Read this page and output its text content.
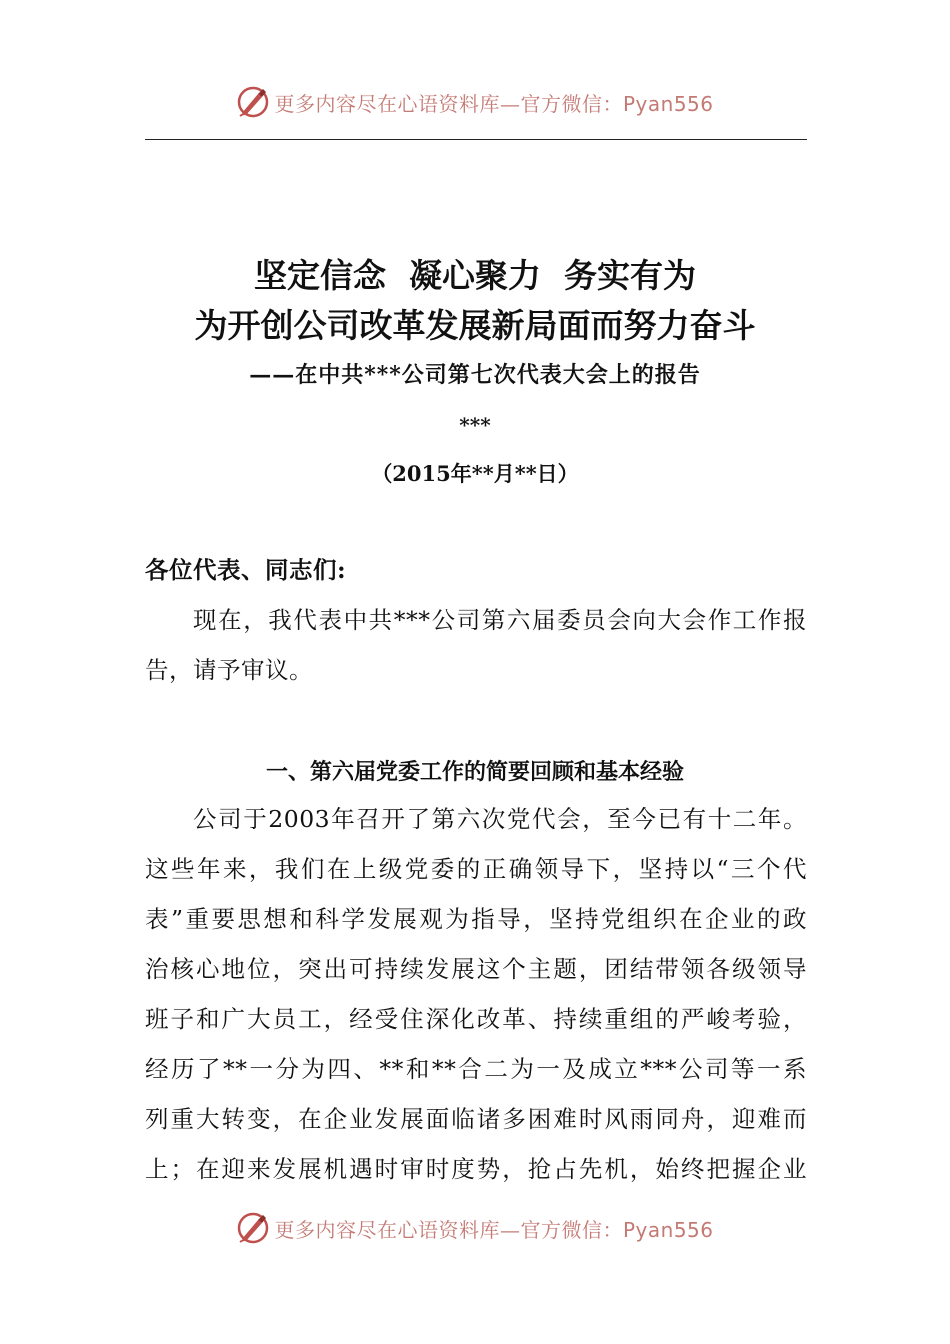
更多内容尽在心语资料库—官方微信：Pyan556
坚定信念  凝心聚力  务实有为
为开创公司改革发展新局面而努力奋斗
——在中共***公司第七次代表大会上的报告
***
（2015年**月**日）
各位代表、同志们:
现在，我代表中共***公司第六届委员会向大会作工作报
告，请予审议。
一、第六届党委工作的简要回顾和基本经验
公司于2003年召开了第六次党代会，至今已有十二年。
这些年来，我们在上级党委的正确领导下，坚持以“三个代
表”重要思想和科学发展观为指导，坚持党组织在企业的政
治核心地位，突出可持续发展这个主题，团结带领各级领导
班子和广大员工，经受住深化改革、持续重组的严峻考验，
经历了**一分为四、**和**合二为一及成立***公司等一系
列重大转变，在企业发展面临诸多困难时风雨同舟，迎难而
上；在迎来发展机遇时审时度势，抢占先机，始终把握企业
更多内容尽在心语资料库—官方微信：Pyan556
